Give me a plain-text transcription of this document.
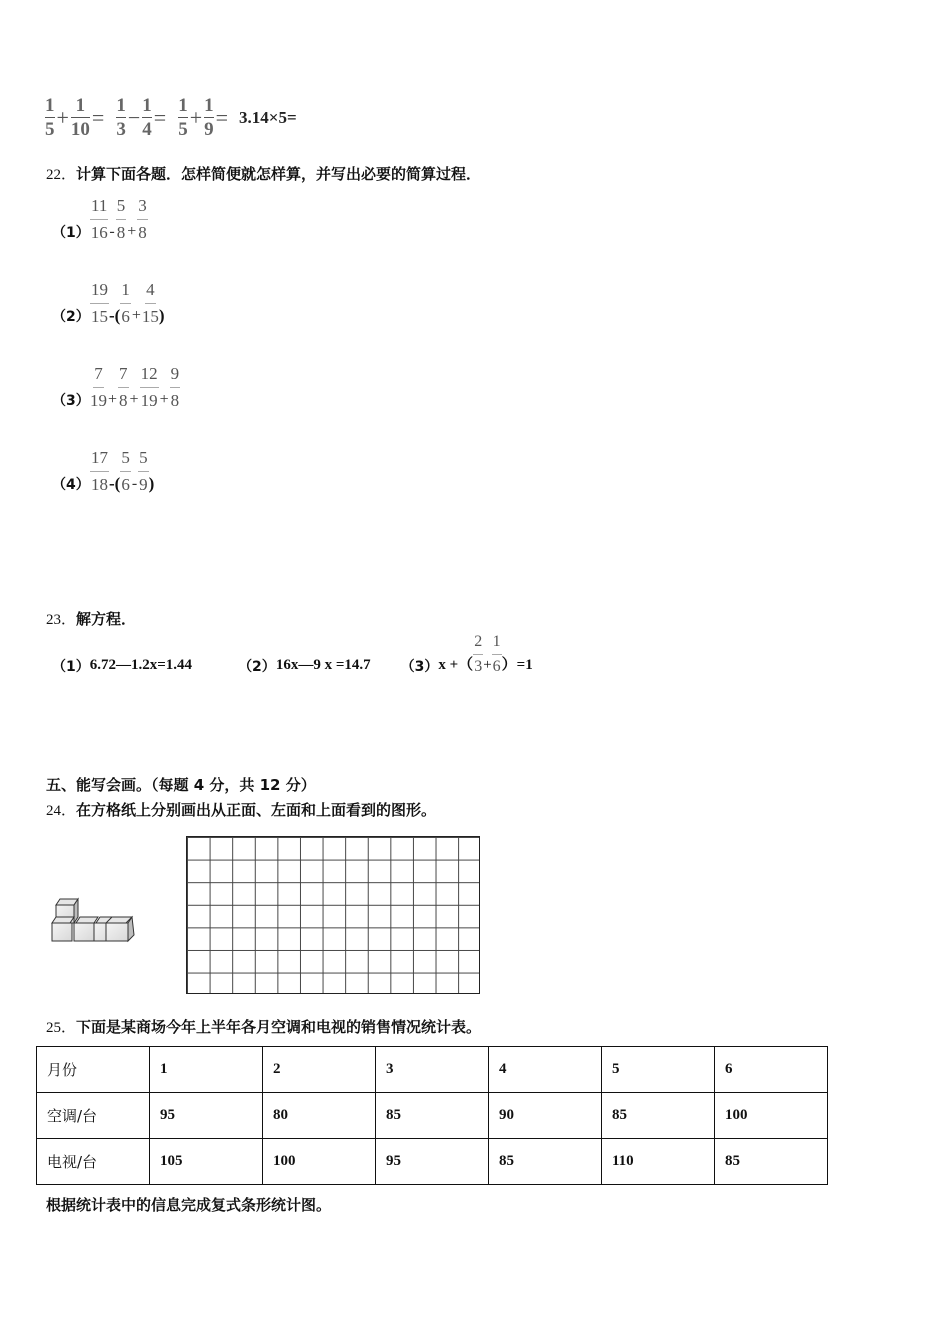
$\frac{1}{5} + \frac{1}{10} = \frac{1}{3} - \frac{1}{4} = \frac{1}{5} + \frac{1}{9} = 3.14\times 5=$
22．计算下面各题．怎样简便就怎样算，并写出必要的简算过程．
（1）
11
16 -
5
$8 + \frac{3}{8}$
（2）
19
15 -(
1
$6 + \frac{4}{15}$ )
（3）
7
$19 + \frac{7}{8} + \frac{12}{19} + \frac{9}{8}$
（4）
17
18 -(
5
6 -
5
9 )
23．解方程．
（1） 6.72—1.2x=1.44	（2） 16x—9 x =14.7 （3） x +（
2
$3 + \frac{1}{6} )=1$
五、能写会画。（每题 4 分，共 12 分）
24．在方格纸上分别画出从正面、左面和上面看到的图形。
25．下面是某商场今年上半年各月空调和电视的销售情况统计表。
月份	1	2	3	4	5	6
空调/台	95	80	85	90	85	100
电视/台	105	100	95	85	110	85
根据统计表中的信息完成复式条形统计图。
